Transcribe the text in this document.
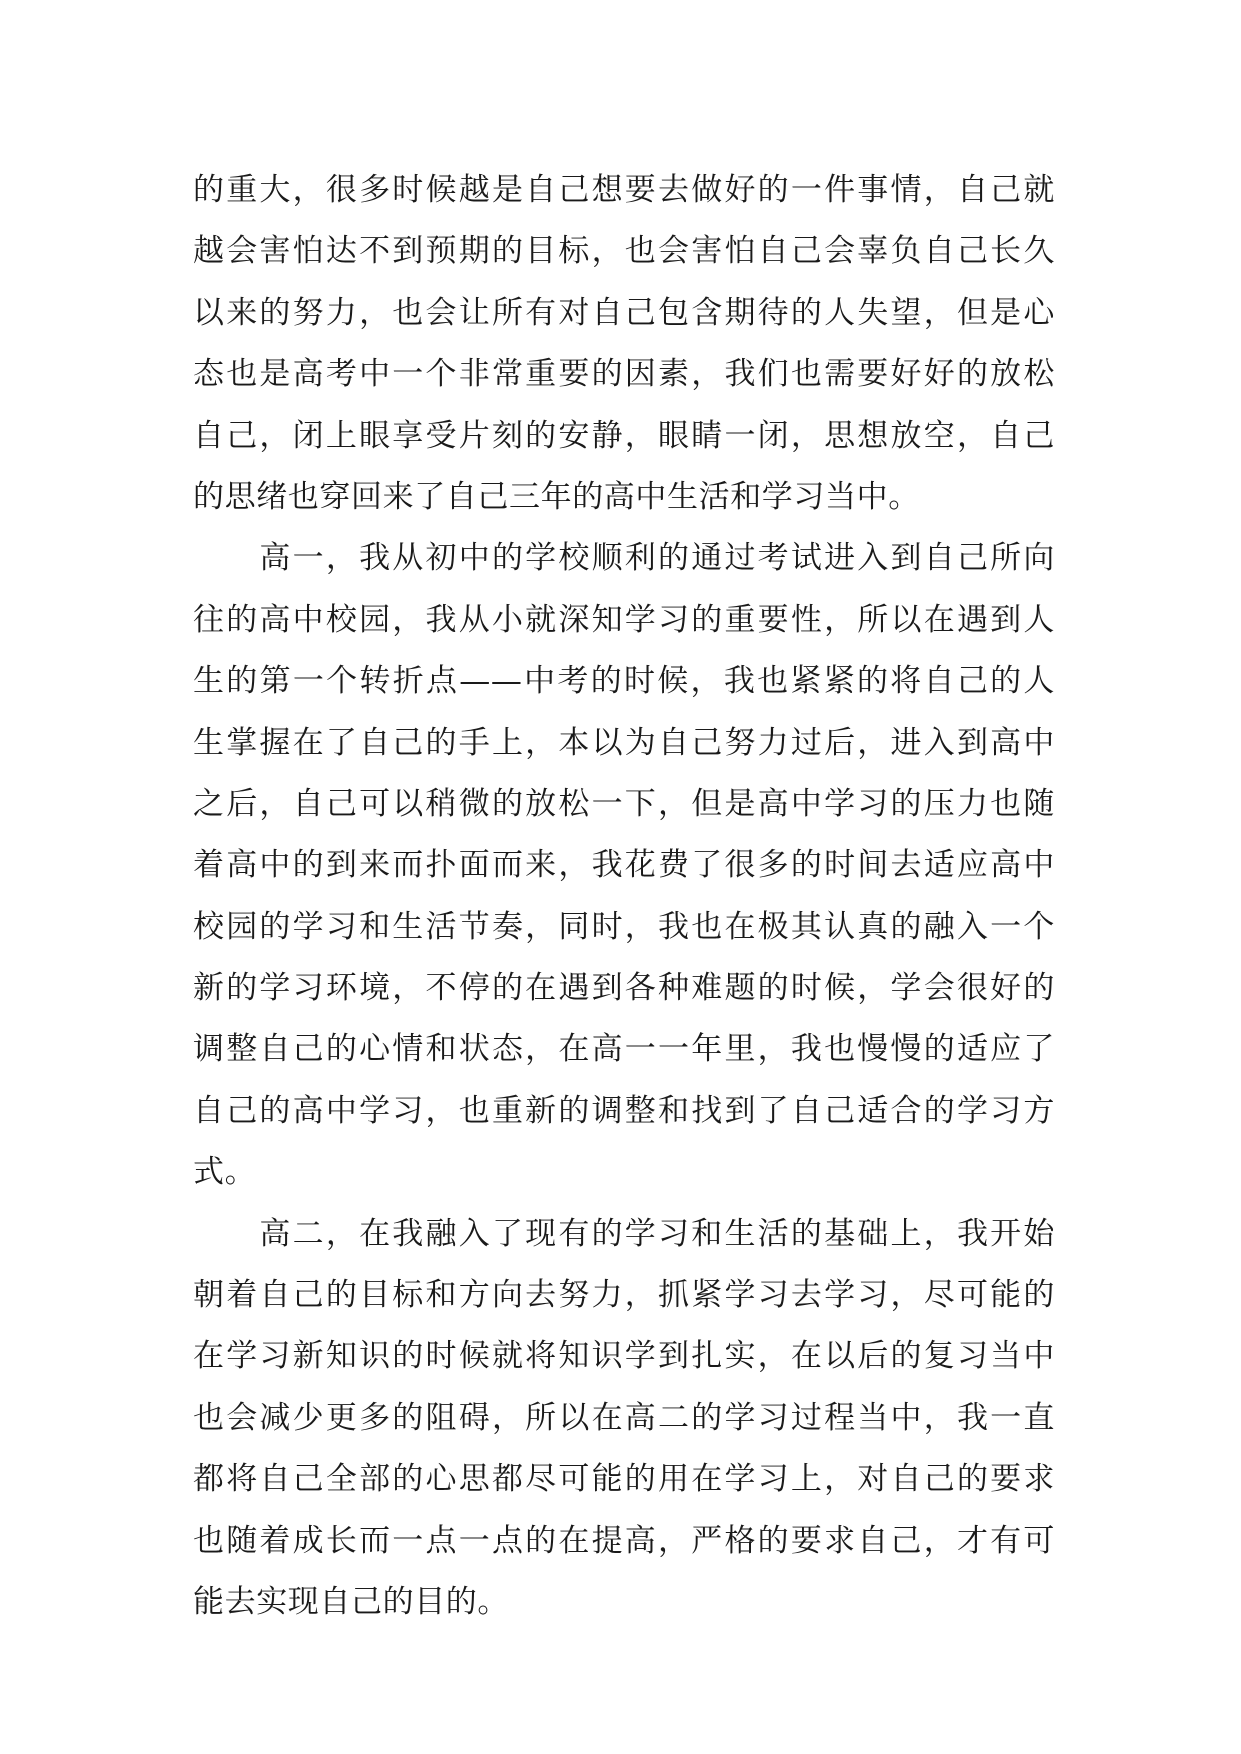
的重大，很多时候越是自己想要去做好的一件事情，自己就
越会害怕达不到预期的目标，也会害怕自己会辜负自己长久
以来的努力，也会让所有对自己包含期待的人失望，但是心
态也是高考中一个非常重要的因素，我们也需要好好的放松
自己，闭上眼享受片刻的安静，眼睛一闭，思想放空，自己
的思绪也穿回来了自己三年的高中生活和学习当中。
　　高一，我从初中的学校顺利的通过考试进入到自己所向
往的高中校园，我从小就深知学习的重要性，所以在遇到人
生的第一个转折点——中考的时候，我也紧紧的将自己的人
生掌握在了自己的手上，本以为自己努力过后，进入到高中
之后，自己可以稍微的放松一下，但是高中学习的压力也随
着高中的到来而扑面而来，我花费了很多的时间去适应高中
校园的学习和生活节奏，同时，我也在极其认真的融入一个
新的学习环境，不停的在遇到各种难题的时候，学会很好的
调整自己的心情和状态，在高一一年里，我也慢慢的适应了
自己的高中学习，也重新的调整和找到了自己适合的学习方
式。
　　高二，在我融入了现有的学习和生活的基础上，我开始
朝着自己的目标和方向去努力，抓紧学习去学习，尽可能的
在学习新知识的时候就将知识学到扎实，在以后的复习当中
也会减少更多的阻碍，所以在高二的学习过程当中，我一直
都将自己全部的心思都尽可能的用在学习上，对自己的要求
也随着成长而一点一点的在提高，严格的要求自己，才有可
能去实现自己的目的。
